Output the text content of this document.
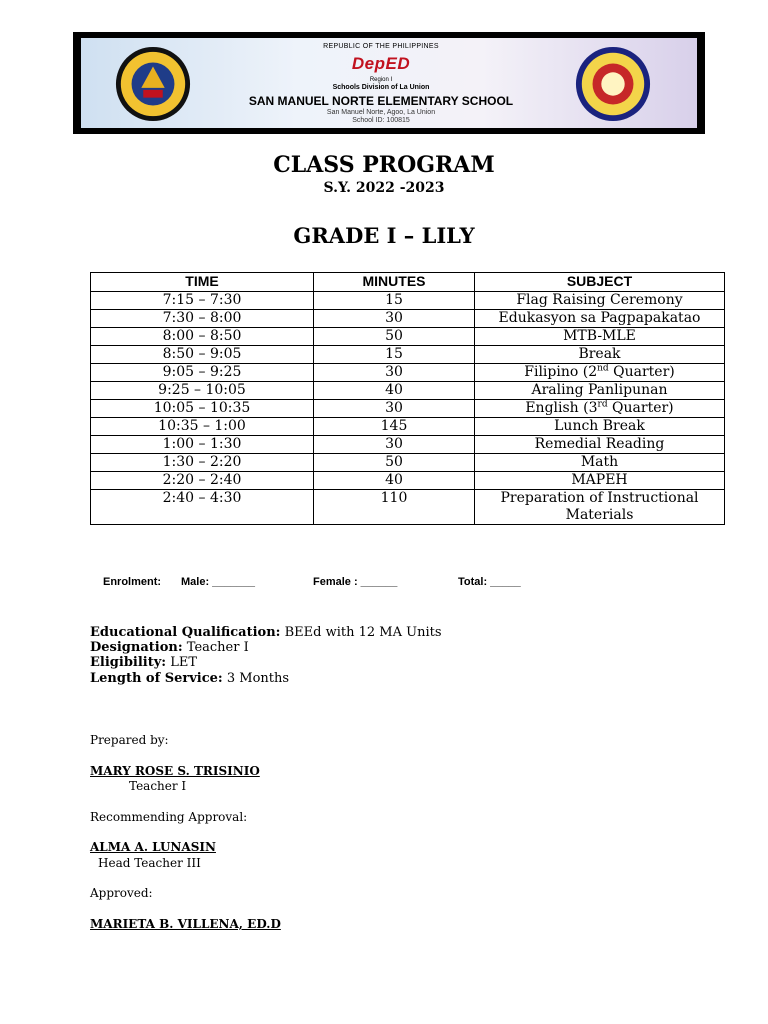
REPUBLIC OF THE PHILIPPINES
DepED
Region I
Schools Division of La Union
SAN MANUEL NORTE ELEMENTARY SCHOOL
San Manuel Norte, Agoo, La Union
School ID: 100815
CLASS PROGRAM
S.Y. 2022 -2023
GRADE I – LILY
TIME	MINUTES	SUBJECT
7:15 – 7:30	15	Flag Raising Ceremony
7:30 – 8:00	30	Edukasyon sa Pagpapakatao
8:00 – 8:50	50	MTB-MLE
8:50 – 9:05	15	Break
9:05 – 9:25	30	Filipino (2nd Quarter)
9:25 – 10:05	40	Araling Panlipunan
10:05 – 10:35	30	English (3rd Quarter)
10:35 – 1:00	145	Lunch Break
1:00 – 1:30	30	Remedial Reading
1:30 – 2:20	50	Math
2:20 – 2:40	40	MAPEH
2:40 – 4:30	110	Preparation of Instructional Materials
Enrolment: Male: _______	Female : ______	Total: _____
Educational Qualification: BEEd with 12 MA Units
Designation: Teacher I
Eligibility: LET
Length of Service: 3 Months
Prepared by:
MARY ROSE S. TRISINIO
Teacher I
Recommending Approval:
ALMA A. LUNASIN
Head Teacher III
Approved:
MARIETA B. VILLENA, ED.D
